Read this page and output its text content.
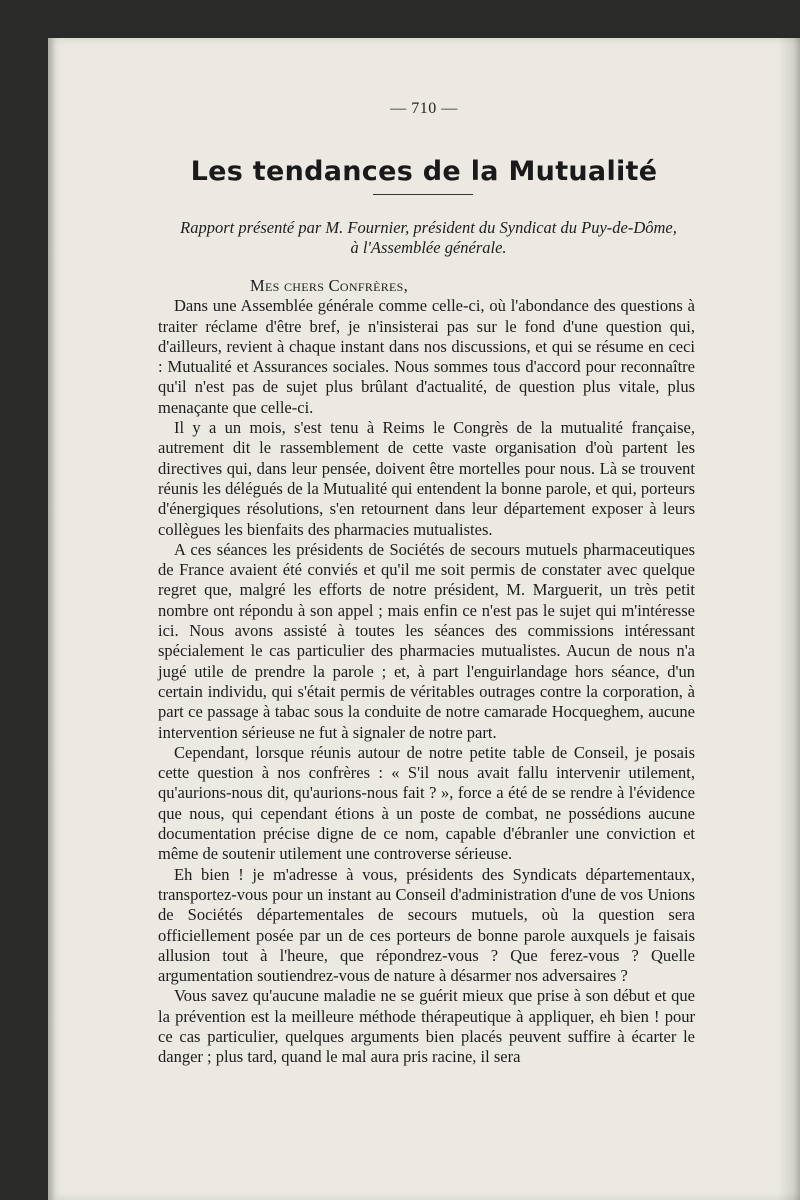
— 710 —
Les tendances de la Mutualité

Rapport présenté par M. Fournier, président du Syndicat du Puy-de-Dôme,

à l'Assemblée générale.

Mes chers Confrères,

Dans une Assemblée générale comme celle-ci, où l'abondance des questions à traiter réclame d'être bref, je n'insisterai pas sur le fond d'une question qui, d'ailleurs, revient à chaque instant dans nos discussions, et qui se résume en ceci : Mutualité et Assurances sociales. Nous sommes tous d'accord pour reconnaître qu'il n'est pas de sujet plus brûlant d'actualité, de question plus vitale, plus menaçante que celle-ci.

Il y a un mois, s'est tenu à Reims le Congrès de la mutualité française, autrement dit le rassemblement de cette vaste organisation d'où partent les directives qui, dans leur pensée, doivent être mortelles pour nous. Là se trouvent réunis les délégués de la Mutualité qui entendent la bonne parole, et qui, porteurs d'énergiques résolutions, s'en retournent dans leur département exposer à leurs collègues les bienfaits des pharmacies mutualistes.

A ces séances les présidents de Sociétés de secours mutuels pharmaceutiques de France avaient été conviés et qu'il me soit permis de constater avec quelque regret que, malgré les efforts de notre président, M. Marguerit, un très petit nombre ont répondu à son appel ; mais enfin ce n'est pas le sujet qui m'intéresse ici. Nous avons assisté à toutes les séances des commissions intéressant spécialement le cas particulier des pharmacies mutualistes. Aucun de nous n'a jugé utile de prendre la parole ; et, à part l'enguirlandage hors séance, d'un certain individu, qui s'était permis de véritables outrages contre la corporation, à part ce passage à tabac sous la conduite de notre camarade Hocqueghem, aucune intervention sérieuse ne fut à signaler de notre part.

Cependant, lorsque réunis autour de notre petite table de Conseil, je posais cette question à nos confrères : « S'il nous avait fallu intervenir utilement, qu'aurions-nous dit, qu'aurions-nous fait ? », force a été de se rendre à l'évidence que nous, qui cependant étions à un poste de combat, ne possédions aucune documentation précise digne de ce nom, capable d'ébranler une conviction et même de soutenir utilement une controverse sérieuse.

Eh bien ! je m'adresse à vous, présidents des Syndicats départementaux, transportez-vous pour un instant au Conseil d'administration d'une de vos Unions de Sociétés départementales de secours mutuels, où la question sera officiellement posée par un de ces porteurs de bonne parole auxquels je faisais allusion tout à l'heure, que répondrez-vous ? Que ferez-vous ? Quelle argumentation soutiendrez-vous de nature à désarmer nos adversaires ?

Vous savez qu'aucune maladie ne se guérit mieux que prise à son début et que la prévention est la meilleure méthode thérapeutique à appliquer, eh bien ! pour ce cas particulier, quelques arguments bien placés peuvent suffire à écarter le danger ; plus tard, quand le mal aura pris racine, il sera
